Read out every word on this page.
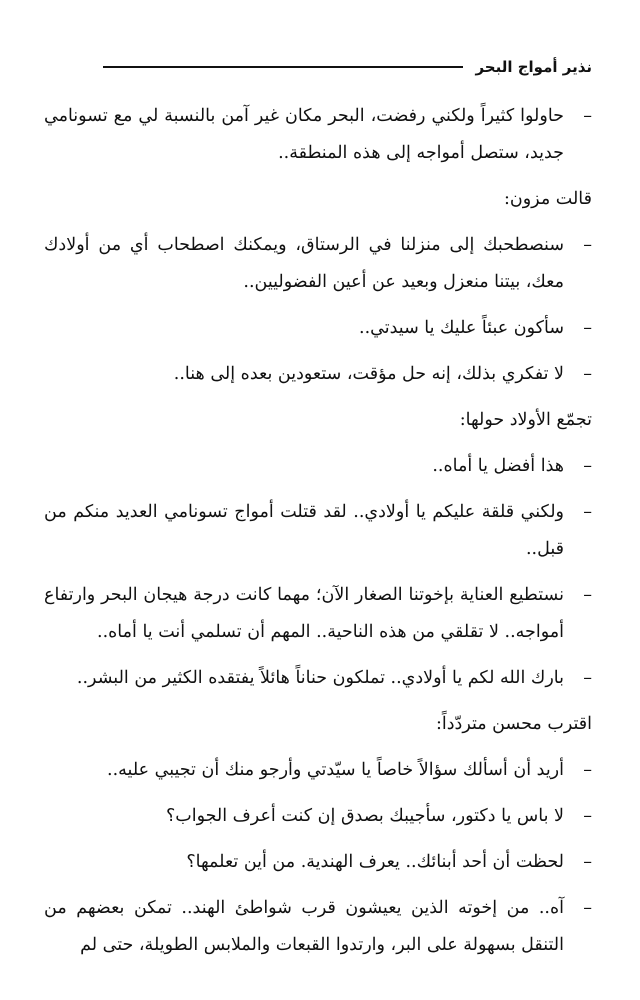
نذير أمواج البحر
–
حاولوا كثيراً ولكني رفضت، البحر مكان غير آمن بالنسبة لي مع تسونامي جديد، ستصل أمواجه إلى هذه المنطقة..
قالت مزون:
–
سنصطحبك إلى منزلنا في الرستاق، ويمكنك اصطحاب أي من أولادك معك، بيتنا منعزل وبعيد عن أعين الفضوليين..
–
سأكون عبئاً عليك يا سيدتي..
–
لا تفكري بذلك، إنه حل مؤقت، ستعودين بعده إلى هنا..
تجمّع الأولاد حولها:
–
هذا أفضل يا أماه..
–
ولكني قلقة عليكم يا أولادي.. لقد قتلت أمواج تسونامي العديد منكم من قبل..
–
نستطيع العناية بإخوتنا الصغار الآن؛ مهما كانت درجة هيجان البحر وارتفاع أمواجه.. لا تقلقي من هذه الناحية.. المهم أن تسلمي أنت يا أماه..
–
بارك الله لكم يا أولادي.. تملكون حناناً هائلاً يفتقده الكثير من البشر..
اقترب محسن متردّداً:
–
أريد أن أسألك سؤالاً خاصاً يا سيّدتي وأرجو منك أن تجيبي عليه..
–
لا باس يا دكتور، سأجيبك بصدق إن كنت أعرف الجواب؟
–
لحظت أن أحد أبنائك.. يعرف الهندية. من أين تعلمها؟
–
آه.. من إخوته الذين يعيشون قرب شواطئ الهند.. تمكن بعضهم من التنقل بسهولة على البر، وارتدوا القبعات والملابس الطويلة، حتى لم
